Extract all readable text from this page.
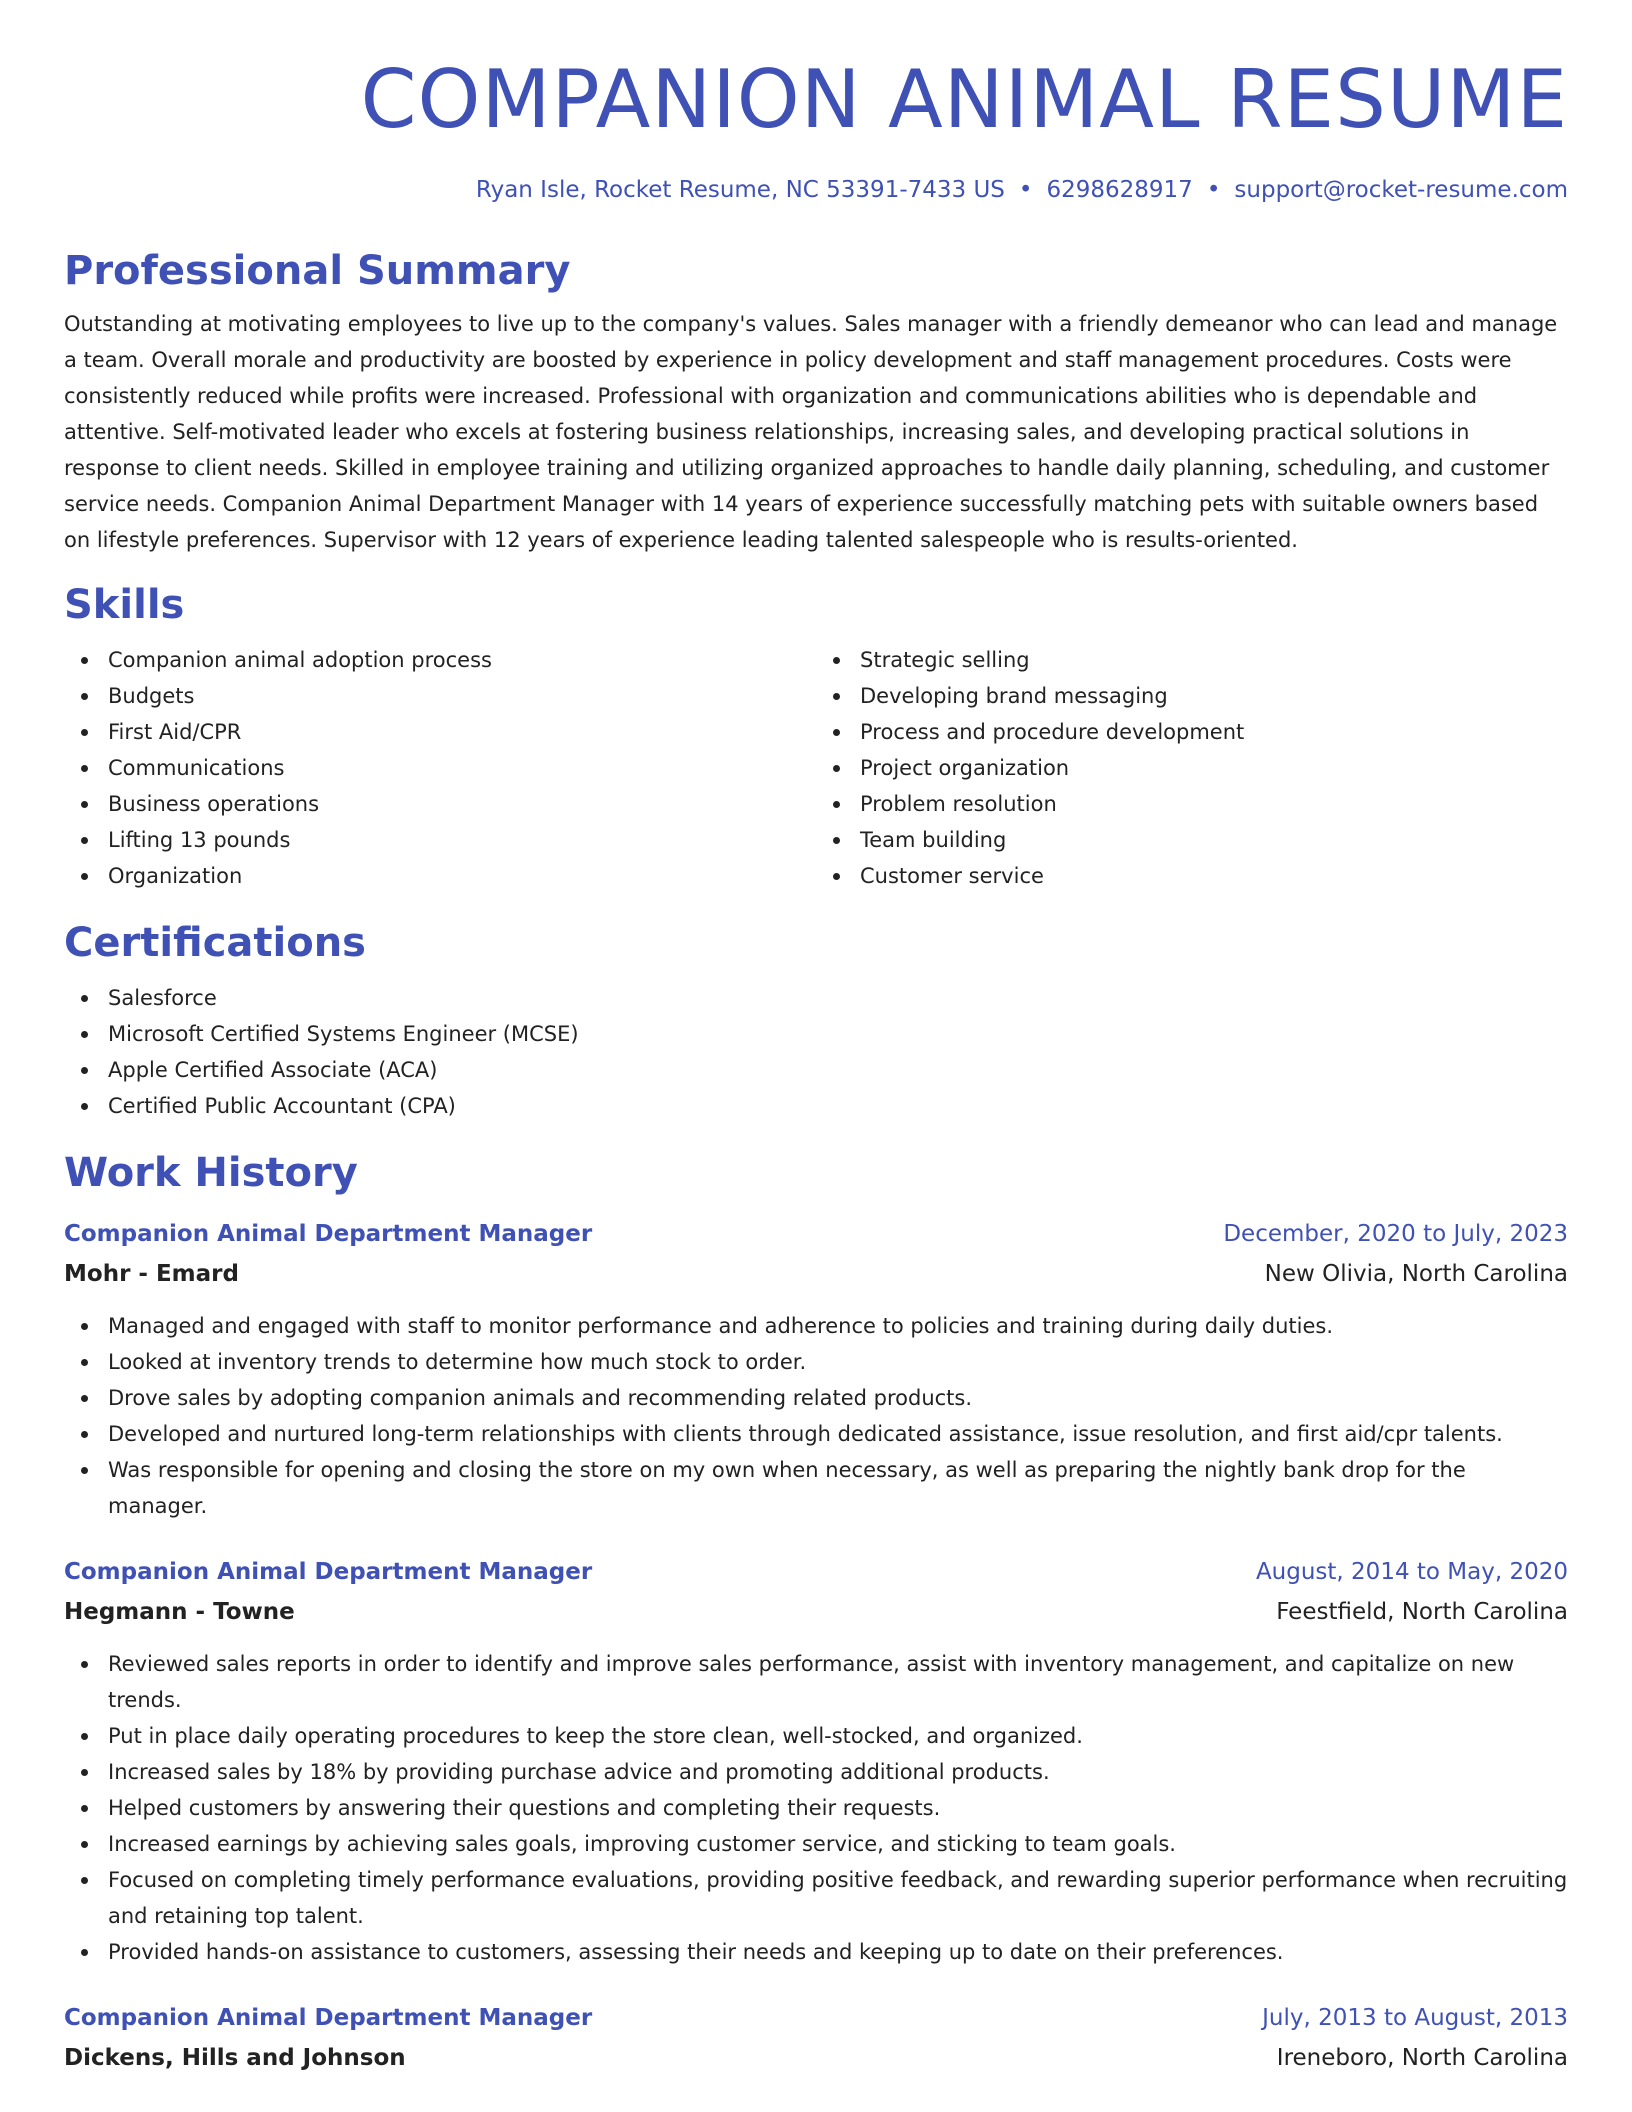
COMPANION ANIMAL RESUME
Ryan Isle, Rocket Resume, NC 53391-7433 US • 6298628917 • support@rocket-resume.com
Professional Summary
Outstanding at motivating employees to live up to the company's values. Sales manager with a friendly demeanor who can lead and manage a team. Overall morale and productivity are boosted by experience in policy development and staff management procedures. Costs were consistently reduced while profits were increased. Professional with organization and communications abilities who is dependable and attentive. Self-motivated leader who excels at fostering business relationships, increasing sales, and developing practical solutions in response to client needs. Skilled in employee training and utilizing organized approaches to handle daily planning, scheduling, and customer service needs. Companion Animal Department Manager with 14 years of experience successfully matching pets with suitable owners based on lifestyle preferences. Supervisor with 12 years of experience leading talented salespeople who is results-oriented.
Skills
Companion animal adoption process
Budgets
First Aid/CPR
Communications
Business operations
Lifting 13 pounds
Organization
Strategic selling
Developing brand messaging
Process and procedure development
Project organization
Problem resolution
Team building
Customer service
Certifications
Salesforce
Microsoft Certified Systems Engineer (MCSE)
Apple Certified Associate (ACA)
Certified Public Accountant (CPA)
Work History
Companion Animal Department Manager	December, 2020 to July, 2023
Mohr - Emard	New Olivia, North Carolina
Managed and engaged with staff to monitor performance and adherence to policies and training during daily duties.
Looked at inventory trends to determine how much stock to order.
Drove sales by adopting companion animals and recommending related products.
Developed and nurtured long-term relationships with clients through dedicated assistance, issue resolution, and first aid/cpr talents.
Was responsible for opening and closing the store on my own when necessary, as well as preparing the nightly bank drop for the manager.
Companion Animal Department Manager	August, 2014 to May, 2020
Hegmann - Towne	Feestfield, North Carolina
Reviewed sales reports in order to identify and improve sales performance, assist with inventory management, and capitalize on new trends.
Put in place daily operating procedures to keep the store clean, well-stocked, and organized.
Increased sales by 18% by providing purchase advice and promoting additional products.
Helped customers by answering their questions and completing their requests.
Increased earnings by achieving sales goals, improving customer service, and sticking to team goals.
Focused on completing timely performance evaluations, providing positive feedback, and rewarding superior performance when recruiting and retaining top talent.
Provided hands-on assistance to customers, assessing their needs and keeping up to date on their preferences.
Companion Animal Department Manager	July, 2013 to August, 2013
Dickens, Hills and Johnson	Ireneboro, North Carolina
